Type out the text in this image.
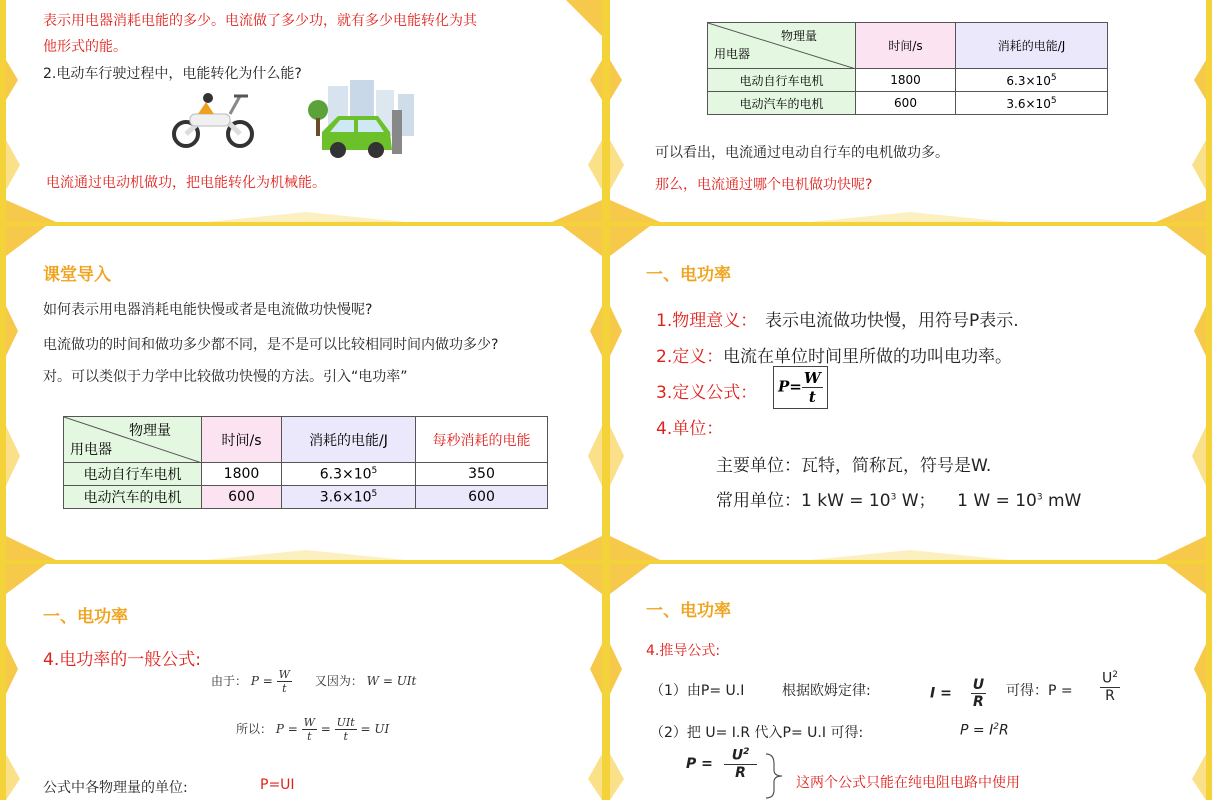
表示用电器消耗电能的多少。电流做了多少功，就有多少电能转化为其
他形式的能。
2.电动车行驶过程中，电能转化为什么能?
电流通过电动机做功，把电能转化为机械能。
物理量
用电器	时间/s	消耗的电能/J
电动自行车电机	1800	$6.3\times 10^5$
电动汽车的电机	600	$3.6\times 10^5$
可以看出，电流通过电动自行车的电机做功多。
那么，电流通过哪个电机做功快呢?
课堂导入
如何表示用电器消耗电能快慢或者是电流做功快慢呢?
电流做功的时间和做功多少都不同，是不是可以比较相同时间内做功多少?
对。可以类似于力学中比较做功快慢的方法。引入“电功率”
物理量
用电器	时间/s	消耗的电能/J	每秒消耗的电能
电动自行车电机	1800	$6.3\times 10^5$	350
电动汽车的电机	600	$3.6\times 10^5$	600
一、电功率
1.物理意义： 表示电流做功快慢，用符号P表示.
2.定义： 电流在单位时间里所做的功叫电功率。
3.定义公式：	$P= \frac{W}{t}$
4.单位：
主要单位：瓦特，简称瓦，符号是W.
常用单位：1 kW = $10^3$ W； 1 $W = 10^3$ mW
一、电功率
4.电功率的一般公式:
由于： $P = \frac{W}{t}$ 又因为： W = UIt
所以： $P = \frac{W}{t} = \frac{\text{UIt}}{t}$ = UI
公式中各物理量的单位:	P=UI
一、电功率
4.推导公式:
（1）由P= U.I	根据欧姆定律:	$I = \frac{U}{R}$ 可得：$P = \frac{U^2}{R}$
（2）把 U= I.R 代入P= U.I 可得:	$P = I^2R$
$P = \frac{U^2}{R}$
这两个公式只能在纯电阻电路中使用
